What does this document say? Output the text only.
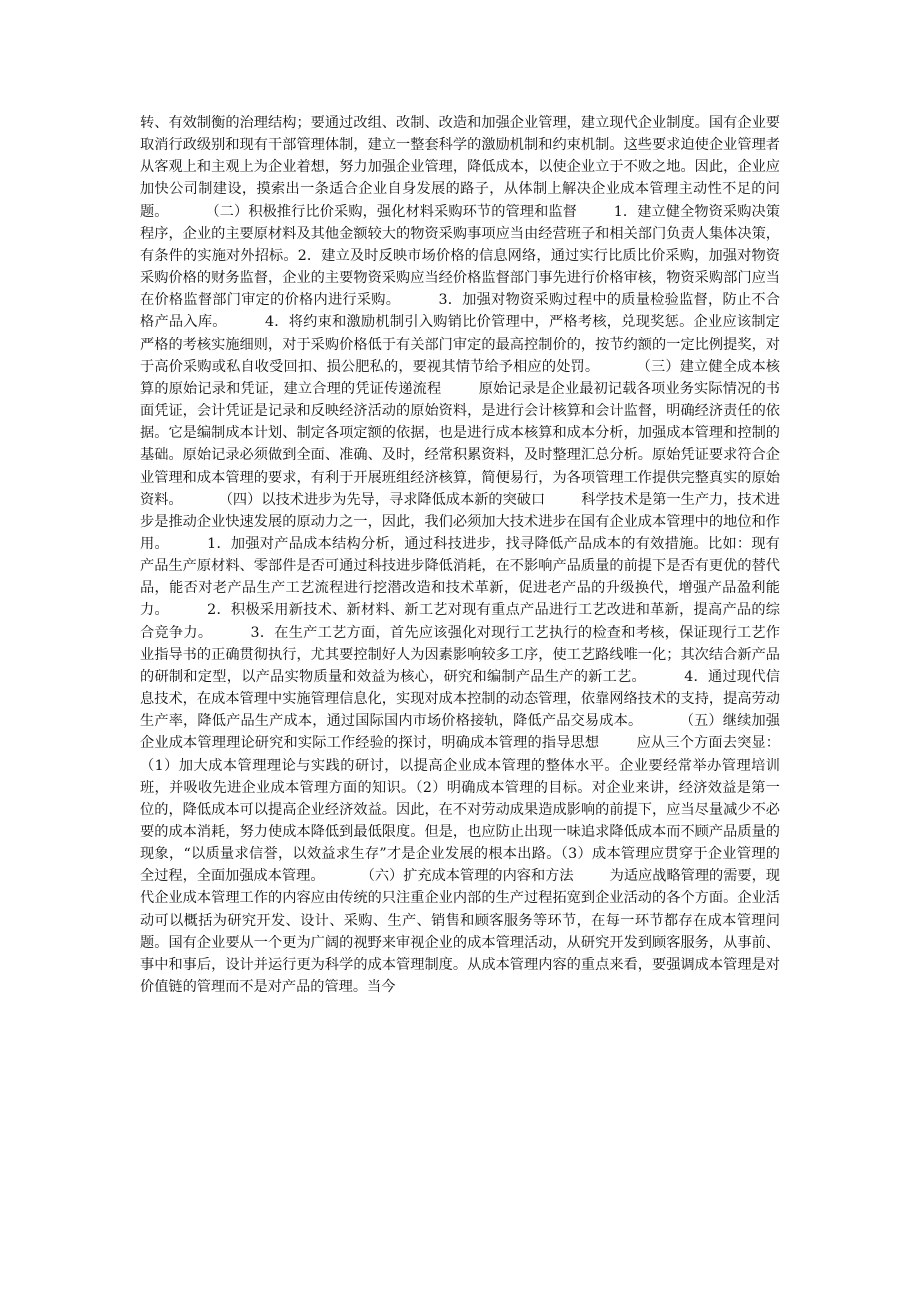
转、有效制衡的治理结构；要通过改组、改制、改造和加强企业管理，建立现代企业制度。国有企业要取消行政级别和现有干部管理体制，建立一整套科学的激励机制和约束机制。这些要求迫使企业管理者从客观上和主观上为企业着想，努力加强企业管理，降低成本，以使企业立于不败之地。因此，企业应加快公司制建设，摸索出一条适合企业自身发展的路子，从体制上解决企业成本管理主动性不足的问题。        （二）积极推行比价采购，强化材料采购环节的管理和监督        1．建立健全物资采购决策程序，企业的主要原材料及其他金额较大的物资采购事项应当由经营班子和相关部门负责人集体决策，有条件的实施对外招标。2．建立及时反映市场价格的信息网络，通过实行比质比价采购，加强对物资采购价格的财务监督，企业的主要物资采购应当经价格监督部门事先进行价格审核，物资采购部门应当在价格监督部门审定的价格内进行采购。        3．加强对物资采购过程中的质量检验监督，防止不合格产品入库。        4．将约束和激励机制引入购销比价管理中，严格考核，兑现奖惩。企业应该制定严格的考核实施细则，对于采购价格低于有关部门审定的最高控制价的，按节约额的一定比例提奖，对于高价采购或私自收受回扣、损公肥私的，要视其情节给予相应的处罚。        （三）建立健全成本核算的原始记录和凭证，建立合理的凭证传递流程        原始记录是企业最初记载各项业务实际情况的书面凭证，会计凭证是记录和反映经济活动的原始资料，是进行会计核算和会计监督，明确经济责任的依据。它是编制成本计划、制定各项定额的依据，也是进行成本核算和成本分析，加强成本管理和控制的基础。原始记录必须做到全面、准确、及时，经常积累资料，及时整理汇总分析。原始凭证要求符合企业管理和成本管理的要求，有利于开展班组经济核算，简便易行，为各项管理工作提供完整真实的原始资料。        （四）以技术进步为先导，寻求降低成本新的突破口        科学技术是第一生产力，技术进步是推动企业快速发展的原动力之一，因此，我们必须加大技术进步在国有企业成本管理中的地位和作用。        1．加强对产品成本结构分析，通过科技进步，找寻降低产品成本的有效措施。比如：现有产品生产原材料、零部件是否可通过科技进步降低消耗，在不影响产品质量的前提下是否有更优的替代品，能否对老产品生产工艺流程进行挖潜改造和技术革新，促进老产品的升级换代，增强产品盈利能力。        2．积极采用新技术、新材料、新工艺对现有重点产品进行工艺改进和革新，提高产品的综合竞争力。        3．在生产工艺方面，首先应该强化对现行工艺执行的检查和考核，保证现行工艺作业指导书的正确贯彻执行，尤其要控制好人为因素影响较多工序，使工艺路线唯一化；其次结合新产品的研制和定型，以产品实物质量和效益为核心，研究和编制产品生产的新工艺。        4．通过现代信息技术，在成本管理中实施管理信息化，实现对成本控制的动态管理，依靠网络技术的支持，提高劳动生产率，降低产品生产成本，通过国际国内市场价格接轨，降低产品交易成本。        （五）继续加强企业成本管理理论研究和实际工作经验的探讨，明确成本管理的指导思想        应从三个方面去突显：（1）加大成本管理理论与实践的研讨，以提高企业成本管理的整体水平。企业要经常举办管理培训班，并吸收先进企业成本管理方面的知识。（2）明确成本管理的目标。对企业来讲，经济效益是第一位的，降低成本可以提高企业经济效益。因此，在不对劳动成果造成影响的前提下，应当尽量减少不必要的成本消耗，努力使成本降低到最低限度。但是，也应防止出现一味追求降低成本而不顾产品质量的现象，“以质量求信誉，以效益求生存”才是企业发展的根本出路。（3）成本管理应贯穿于企业管理的全过程，全面加强成本管理。        （六）扩充成本管理的内容和方法        为适应战略管理的需要，现代企业成本管理工作的内容应由传统的只注重企业内部的生产过程拓宽到企业活动的各个方面。企业活动可以概括为研究开发、设计、采购、生产、销售和顾客服务等环节，在每一环节都存在成本管理问题。国有企业要从一个更为广阔的视野来审视企业的成本管理活动，从研究开发到顾客服务，从事前、事中和事后，设计并运行更为科学的成本管理制度。从成本管理内容的重点来看，要强调成本管理是对价值链的管理而不是对产品的管理。当今
